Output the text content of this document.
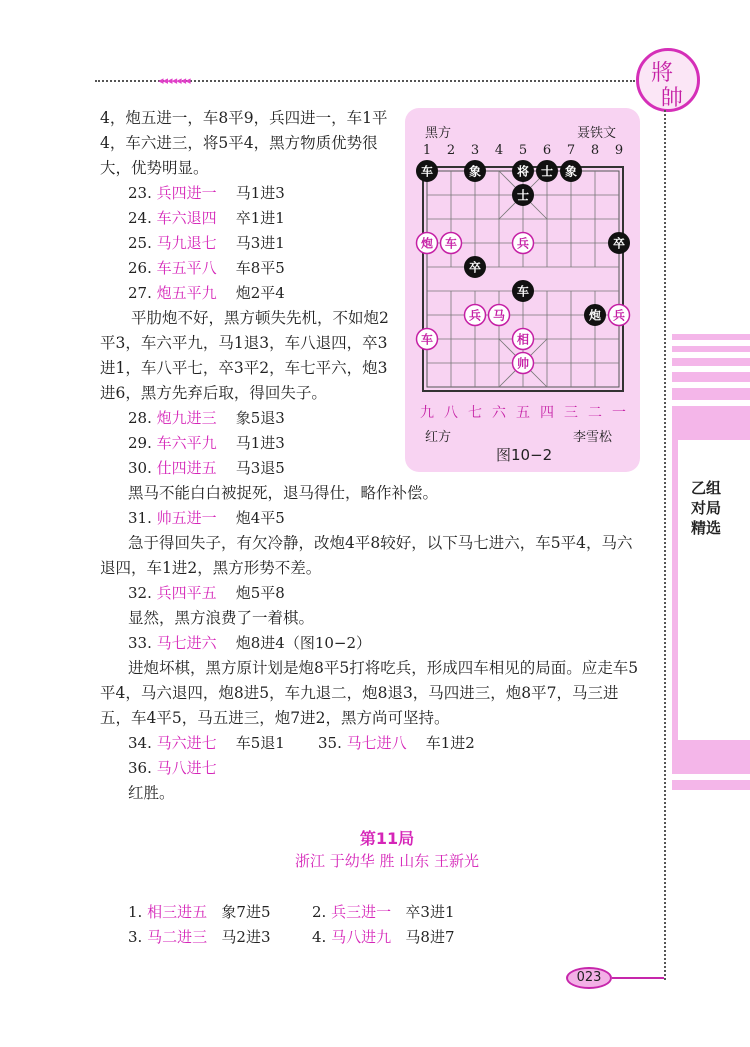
◂◂◂◂◂◂◂	將
帥
乙组对局精选

4，炮五进一，车8平9，兵四进一，车1平4，车六进三，将5平4，黑方物质优势很大，优势明显。

23. 兵四进一 马1进3
24. 车六退四 卒1进1
25. 马九退七 马3进1
26. 车五平八 车8平5
27. 炮五平九 炮2平4

平肋炮不好，黑方顿失先机，不如炮2平3，车六平九，马1退3，车八退四，卒3进1，车八平七，卒3平2，车七平六，炮3进6，黑方先弃后取，得回失子。

28. 炮九进三 象5退3
29. 车六平九 马1进3
30. 仕四进五 马3退5

黑马不能白白被捉死，退马得仕，略作补偿。

31. 帅五进一 炮4平5

急于得回失子，有欠冷静，改炮4平8较好，以下马七进六，车5平4，马六退四，车1进2，黑方形势不差。

32. 兵四平五 炮5平8

显然，黑方浪费了一着棋。

33. 马七进六 炮8进4（图10−2）

进炮坏棋，黑方原计划是炮8平5打将吃兵，形成四车相见的局面。应走车5平4，马六退四，炮8进5，车九退二，炮8退3，马四进三，炮8平7，马三进五，车4平5，马五进三，炮7进2，黑方尚可坚持。

34. 马六进七 车5退1 35. 马七进八 车1进2
36. 马八进七

红胜。

第11局
浙江 于幼华 胜 山东 王新光
1. 相三进五 象7进5	2. 兵三进一 卒3进1
3. 马二进三 马2进3	4. 马八进九 马8进7
黑方	聂铁文
红方	李雪松
1 2 3 4 5 6 7 8 9
九 八 七 六 五 四 三 二 一
车	象	将 士 象
士
炮 车	兵	卒
卒
车
兵 马	炮 兵
车	相
帅
图10−2
023
